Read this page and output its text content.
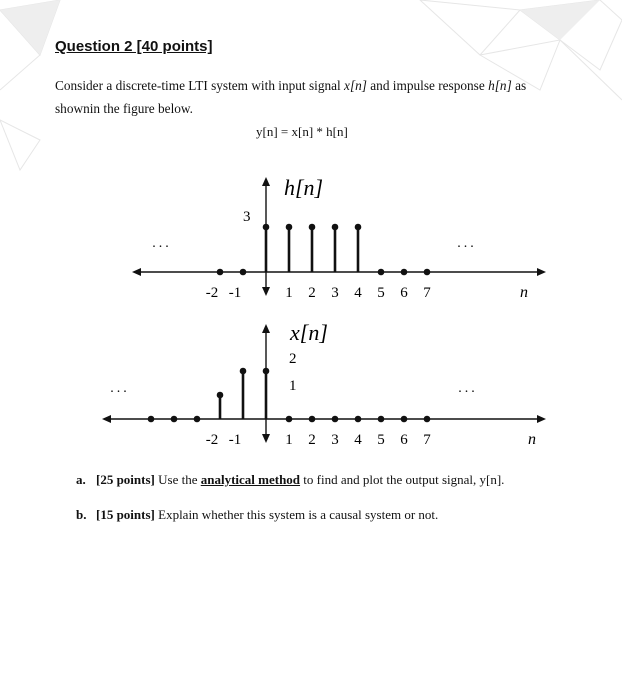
Question 2 [40 points]
Consider a discrete-time LTI system with input signal x[n] and impulse response h[n] as
shownin the figure below.
y[n] = x[n] * h[n]
h[n]
3
-2 -1	1 2 3 4 5 6 7	n
...	...
x[n]
2
1
-2 -1	1 2 3 4 5 6 7	n
...	...
a. [25 points] Use the analytical method to find and plot the output signal, y[n].
b. [15 points] Explain whether this system is a causal system or not.
